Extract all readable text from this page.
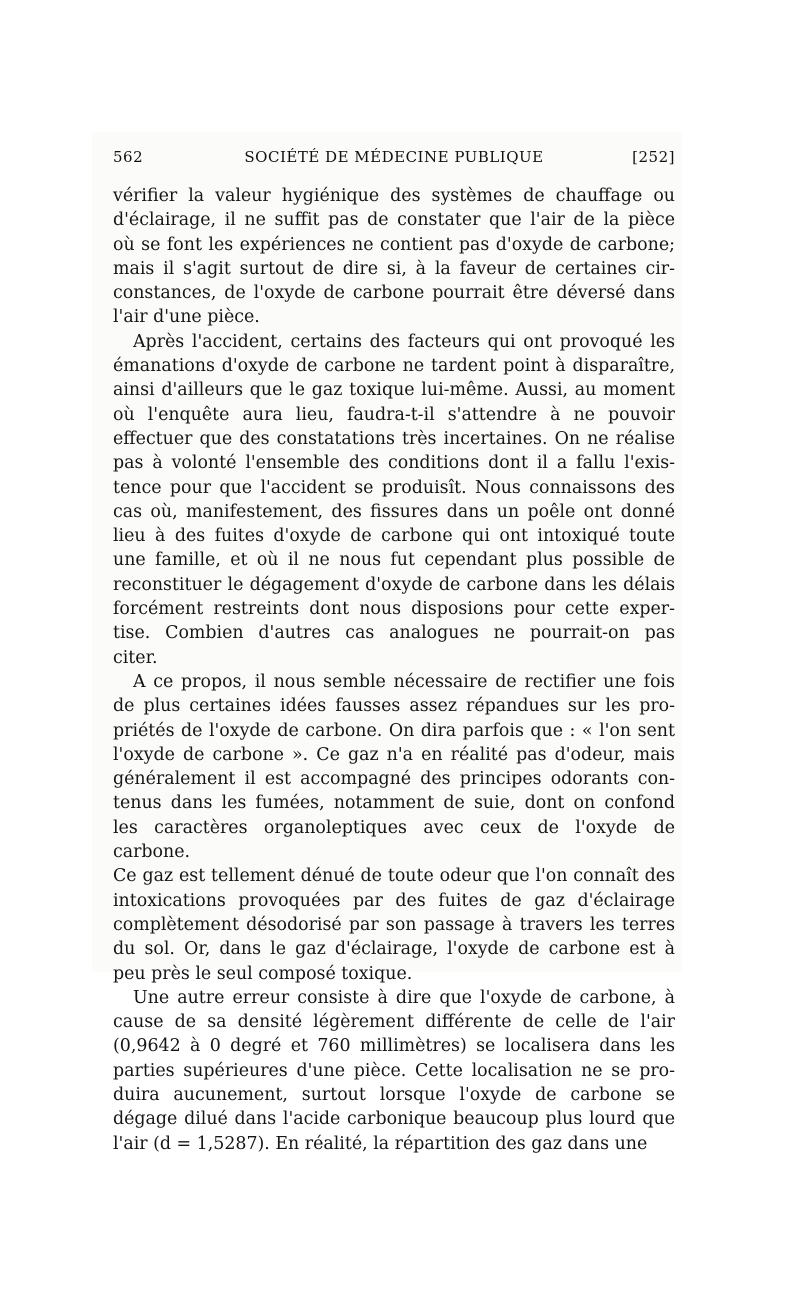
562	SOCIÉTÉ DE MÉDECINE PUBLIQUE	[252]

vérifier la valeur hygiénique des systèmes de chauffage ou
d'éclairage, il ne suffit pas de constater que l'air de la pièce
où se font les expériences ne contient pas d'oxyde de carbone;
mais il s'agit surtout de dire si, à la faveur de certaines cir-
constances, de l'oxyde de carbone pourrait être déversé dans
l'air d'une pièce.

Après l'accident, certains des facteurs qui ont provoqué les
émanations d'oxyde de carbone ne tardent point à disparaître,
ainsi d'ailleurs que le gaz toxique lui-même. Aussi, au moment
où l'enquête aura lieu, faudra-t-il s'attendre à ne pouvoir
effectuer que des constatations très incertaines. On ne réalise
pas à volonté l'ensemble des conditions dont il a fallu l'exis-
tence pour que l'accident se produisît. Nous connaissons des
cas où, manifestement, des fissures dans un poêle ont donné
lieu à des fuites d'oxyde de carbone qui ont intoxiqué toute
une famille, et où il ne nous fut cependant plus possible de
reconstituer le dégagement d'oxyde de carbone dans les délais
forcément restreints dont nous disposions pour cette exper-
tise. Combien d'autres cas analogues ne pourrait-on pas
citer.

A ce propos, il nous semble nécessaire de rectifier une fois
de plus certaines idées fausses assez répandues sur les pro-
priétés de l'oxyde de carbone. On dira parfois que : « l'on sent
l'oxyde de carbone ». Ce gaz n'a en réalité pas d'odeur, mais
généralement il est accompagné des principes odorants con-
tenus dans les fumées, notamment de suie, dont on confond
les caractères organoleptiques avec ceux de l'oxyde de carbone.
Ce gaz est tellement dénué de toute odeur que l'on connaît des
intoxications provoquées par des fuites de gaz d'éclairage
complètement désodorisé par son passage à travers les terres
du sol. Or, dans le gaz d'éclairage, l'oxyde de carbone est à
peu près le seul composé toxique.

Une autre erreur consiste à dire que l'oxyde de carbone, à
cause de sa densité légèrement différente de celle de l'air
(0,9642 à 0 degré et 760 millimètres) se localisera dans les
parties supérieures d'une pièce. Cette localisation ne se pro-
duira aucunement, surtout lorsque l'oxyde de carbone se
dégage dilué dans l'acide carbonique beaucoup plus lourd que
l'air (d = 1,5287). En réalité, la répartition des gaz dans une
